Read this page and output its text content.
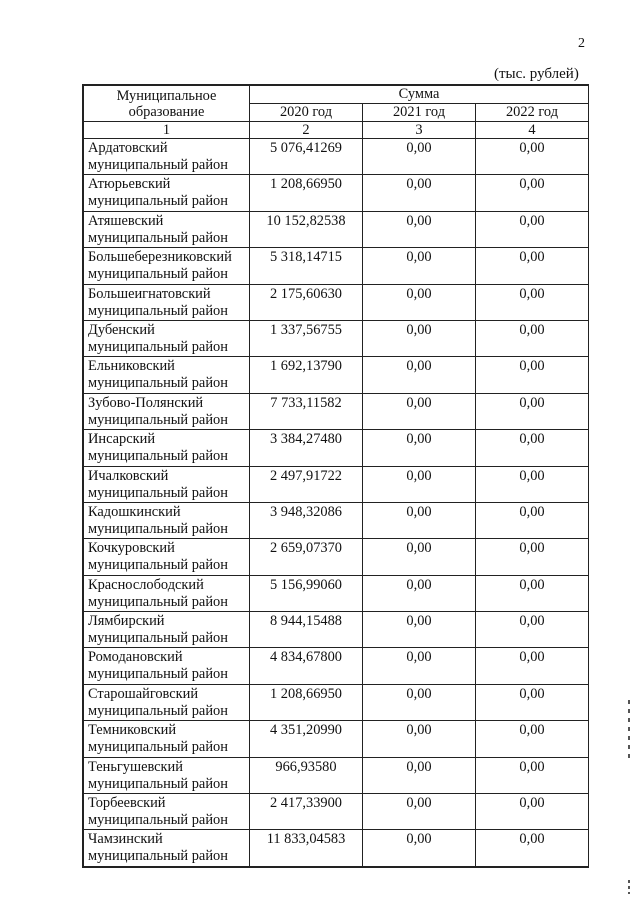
2
(тыс. рублей)
Муниципальное образование	Сумма		
	2020 год	2021 год	2022 год
1	2	3	4

Ардатовский
муниципальный район	5 076,41269	0,00	0,00

Атюрьевский
муниципальный район	1 208,66950	0,00	0,00

Атяшевский
муниципальный район	10 152,82538	0,00	0,00

Большеберезниковский
муниципальный район	5 318,14715	0,00	0,00

Большеигнатовский
муниципальный район	2 175,60630	0,00	0,00

Дубенский
муниципальный район	1 337,56755	0,00	0,00

Ельниковский
муниципальный район	1 692,13790	0,00	0,00

Зубово-Полянский
муниципальный район	7 733,11582	0,00	0,00

Инсарский
муниципальный район	3 384,27480	0,00	0,00

Ичалковский
муниципальный район	2 497,91722	0,00	0,00

Кадошкинский
муниципальный район	3 948,32086	0,00	0,00

Кочкуровский
муниципальный район	2 659,07370	0,00	0,00

Краснослободский
муниципальный район	5 156,99060	0,00	0,00

Лямбирский
муниципальный район	8 944,15488	0,00	0,00

Ромодановский
муниципальный район	4 834,67800	0,00	0,00

Старошайговский
муниципальный район	1 208,66950	0,00	0,00

Темниковский
муниципальный район	4 351,20990	0,00	0,00

Теньгушевский
муниципальный район	966,93580	0,00	0,00

Торбеевский
муниципальный район	2 417,33900	0,00	0,00

Чамзинский
муниципальный район	11 833,04583	0,00	0,00
